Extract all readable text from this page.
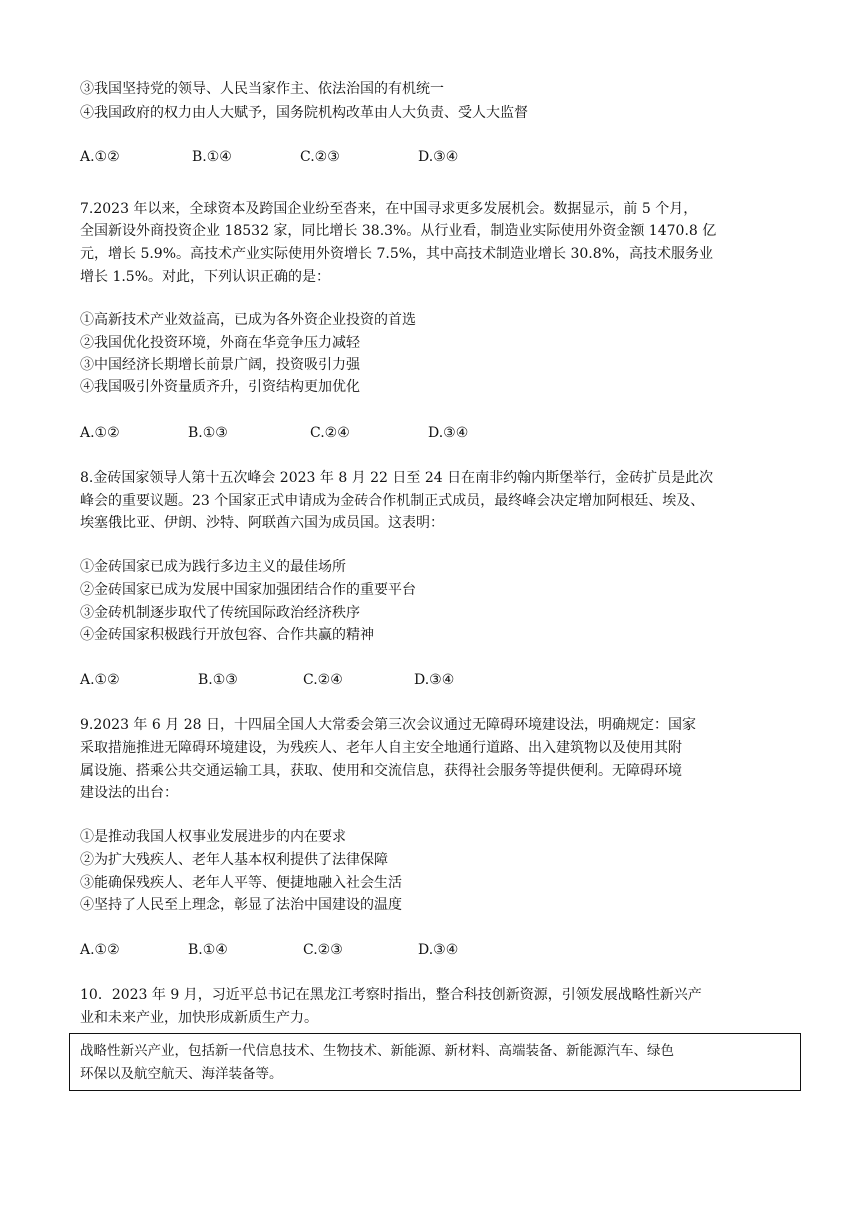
③我国坚持党的领导、人民当家作主、依法治国的有机统一
④我国政府的权力由人大赋予，国务院机构改革由人大负责、受人大监督
A.①②	B.①④	C.②③	D.③④
7.2023 年以来，全球资本及跨国企业纷至沓来，在中国寻求更多发展机会。数据显示，前 5 个月，
全国新设外商投资企业 18532 家，同比增长 38.3%。从行业看，制造业实际使用外资金额 1470.8 亿
元，增长 5.9%。高技术产业实际使用外资增长 7.5%，其中高技术制造业增长 30.8%，高技术服务业
增长 1.5%。对此，下列认识正确的是：
①高新技术产业效益高，已成为各外资企业投资的首选
②我国优化投资环境，外商在华竞争压力减轻
③中国经济长期增长前景广阔，投资吸引力强
④我国吸引外资量质齐升，引资结构更加优化
A.①②	B.①③	C.②④	D.③④
8.金砖国家领导人第十五次峰会 2023 年 8 月 22 日至 24 日在南非约翰内斯堡举行，金砖扩员是此次
峰会的重要议题。23 个国家正式申请成为金砖合作机制正式成员，最终峰会决定增加阿根廷、埃及、
埃塞俄比亚、伊朗、沙特、阿联酋六国为成员国。这表明：
①金砖国家已成为践行多边主义的最佳场所
②金砖国家已成为发展中国家加强团结合作的重要平台
③金砖机制逐步取代了传统国际政治经济秩序
④金砖国家积极践行开放包容、合作共赢的精神
A.①②	B.①③	C.②④	D.③④
9.2023 年 6 月 28 日，十四届全国人大常委会第三次会议通过无障碍环境建设法，明确规定：国家
采取措施推进无障碍环境建设，为残疾人、老年人自主安全地通行道路、出入建筑物以及使用其附
属设施、搭乘公共交通运输工具，获取、使用和交流信息，获得社会服务等提供便利。无障碍环境
建设法的出台：
①是推动我国人权事业发展进步的内在要求
②为扩大残疾人、老年人基本权利提供了法律保障
③能确保残疾人、老年人平等、便捷地融入社会生活
④坚持了人民至上理念，彰显了法治中国建设的温度
A.①②	B.①④	C.②③	D.③④
10．2023 年 9 月，习近平总书记在黑龙江考察时指出，整合科技创新资源，引领发展战略性新兴产
业和未来产业，加快形成新质生产力。
战略性新兴产业，包括新一代信息技术、生物技术、新能源、新材料、高端装备、新能源汽车、绿色
环保以及航空航天、海洋装备等。
